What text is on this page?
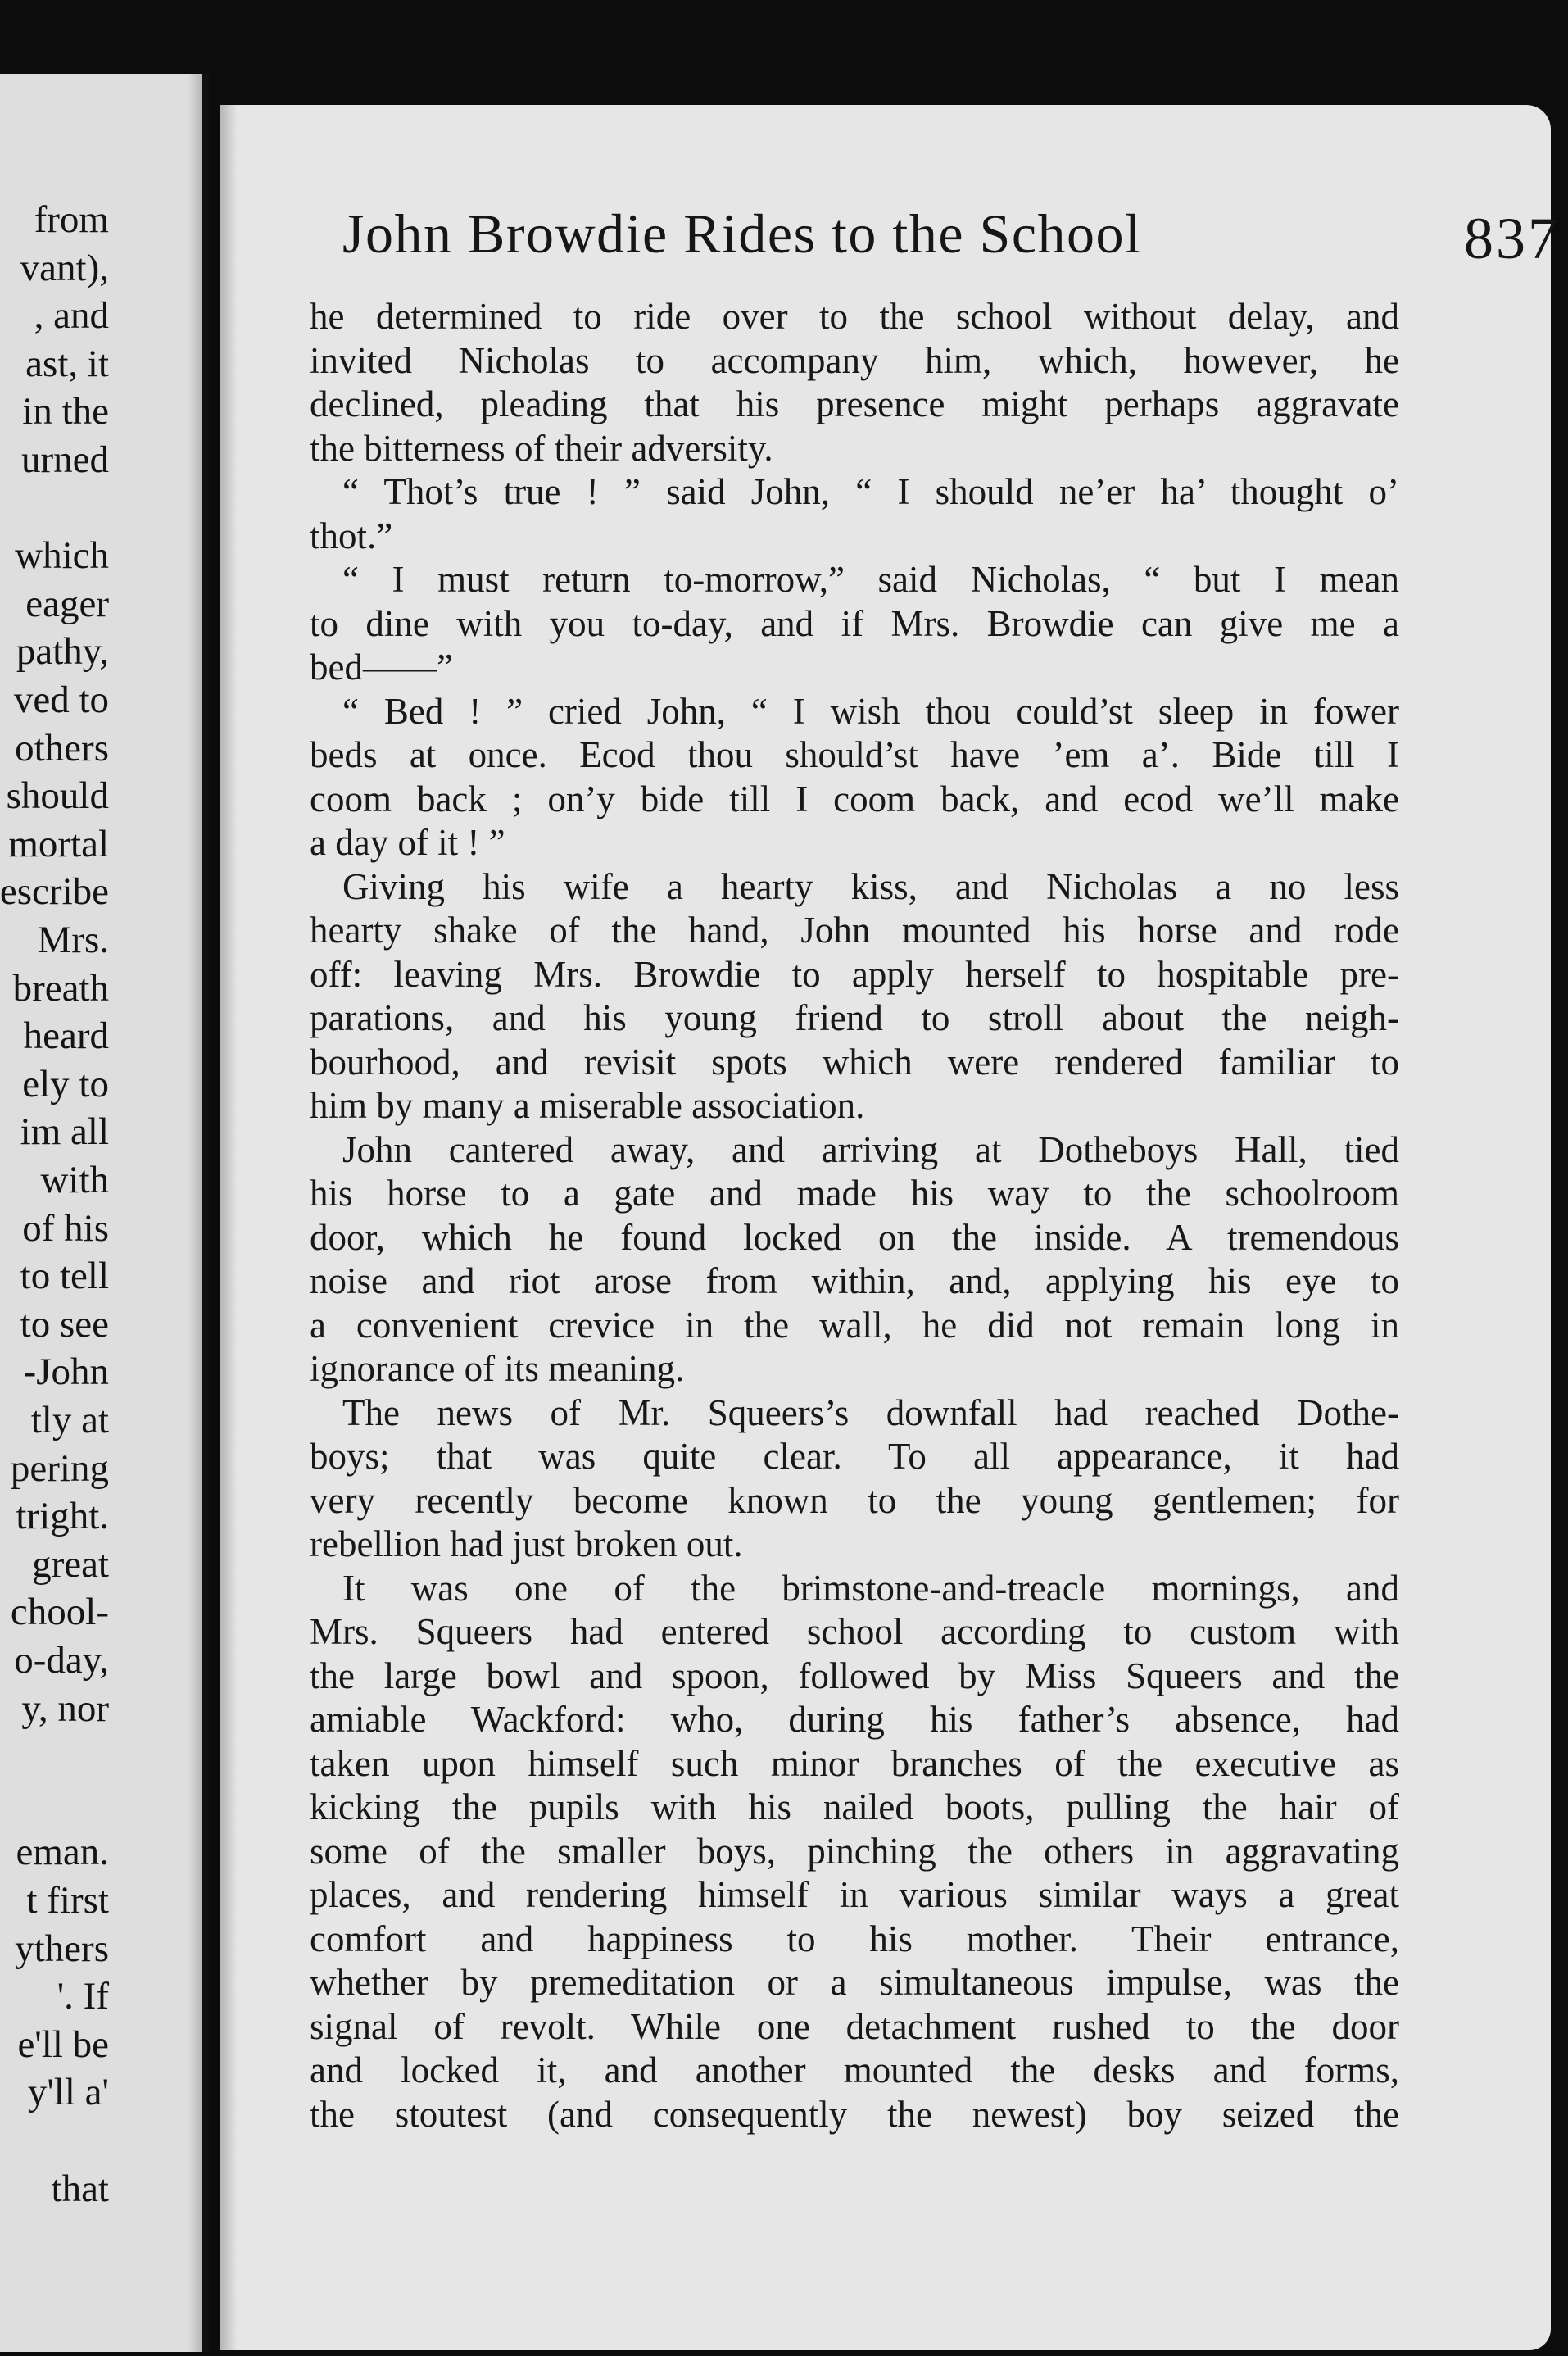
from
vant),
, and
ast, it
in the
urned
which
eager
pathy,
ved to
others
should
mortal
escribe
Mrs.
breath
heard
ely to
im all
with
of his
to tell
to see
-John
tly at
pering
tright.
great
chool-
o-day,
y, nor
eman.
t first
ythers
'. If
e'll be
y'll a'
that
John Browdie Rides to the School	837
he determined to ride over to the school without delay, and
invited Nicholas to accompany him, which, however, he
declined, pleading that his presence might perhaps aggravate
the bitterness of their adversity.
“ Thot’s true ! ” said John, “ I should ne’er ha’ thought o’
thot.”
“ I must return to-morrow,” said Nicholas, “ but I mean
to dine with you to-day, and if Mrs. Browdie can give me a
bed——”
“ Bed ! ” cried John, “ I wish thou could’st sleep in fower
beds at once. Ecod thou should’st have ’em a’. Bide till I
coom back ; on’y bide till I coom back, and ecod we’ll make
a day of it ! ”
Giving his wife a hearty kiss, and Nicholas a no less
hearty shake of the hand, John mounted his horse and rode
off: leaving Mrs. Browdie to apply herself to hospitable pre-
parations, and his young friend to stroll about the neigh-
bourhood, and revisit spots which were rendered familiar to
him by many a miserable association.
John cantered away, and arriving at Dotheboys Hall, tied
his horse to a gate and made his way to the schoolroom
door, which he found locked on the inside. A tremendous
noise and riot arose from within, and, applying his eye to
a convenient crevice in the wall, he did not remain long in
ignorance of its meaning.
The news of Mr. Squeers’s downfall had reached Dothe-
boys; that was quite clear. To all appearance, it had
very recently become known to the young gentlemen; for
rebellion had just broken out.
It was one of the brimstone-and-treacle mornings, and
Mrs. Squeers had entered school according to custom with
the large bowl and spoon, followed by Miss Squeers and the
amiable Wackford: who, during his father’s absence, had
taken upon himself such minor branches of the executive as
kicking the pupils with his nailed boots, pulling the hair of
some of the smaller boys, pinching the others in aggravating
places, and rendering himself in various similar ways a great
comfort and happiness to his mother. Their entrance,
whether by premeditation or a simultaneous impulse, was the
signal of revolt. While one detachment rushed to the door
and locked it, and another mounted the desks and forms,
the stoutest (and consequently the newest) boy seized the
